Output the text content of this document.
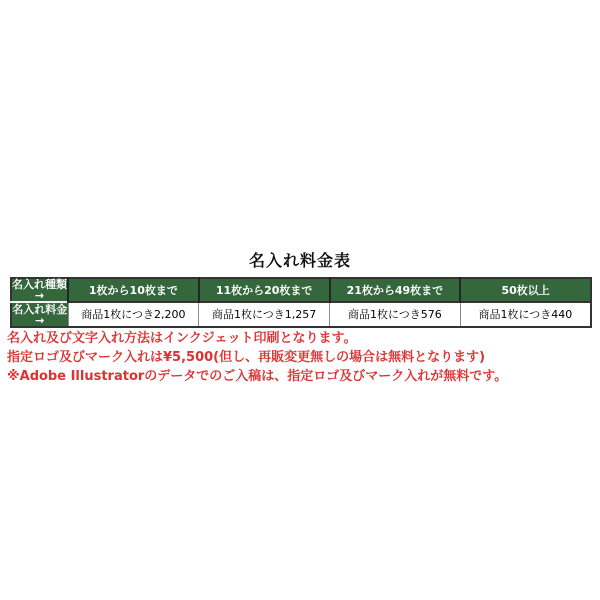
名入れ料金表
名入れ種類→	1枚から10枚まで	11枚から20枚まで	21枚から49枚まで	50枚以上
名入れ料金→	商品1枚につき2,200	商品1枚につき1,257	商品1枚につき576	商品1枚につき440
名入れ及び文字入れ方法はインクジェット印刷となります。
指定ロゴ及びマーク入れは¥5,500(但し、再販変更無しの場合は無料となります)
※Adobe Illustratorのデータでのご入稿は、指定ロゴ及びマーク入れが無料です。
